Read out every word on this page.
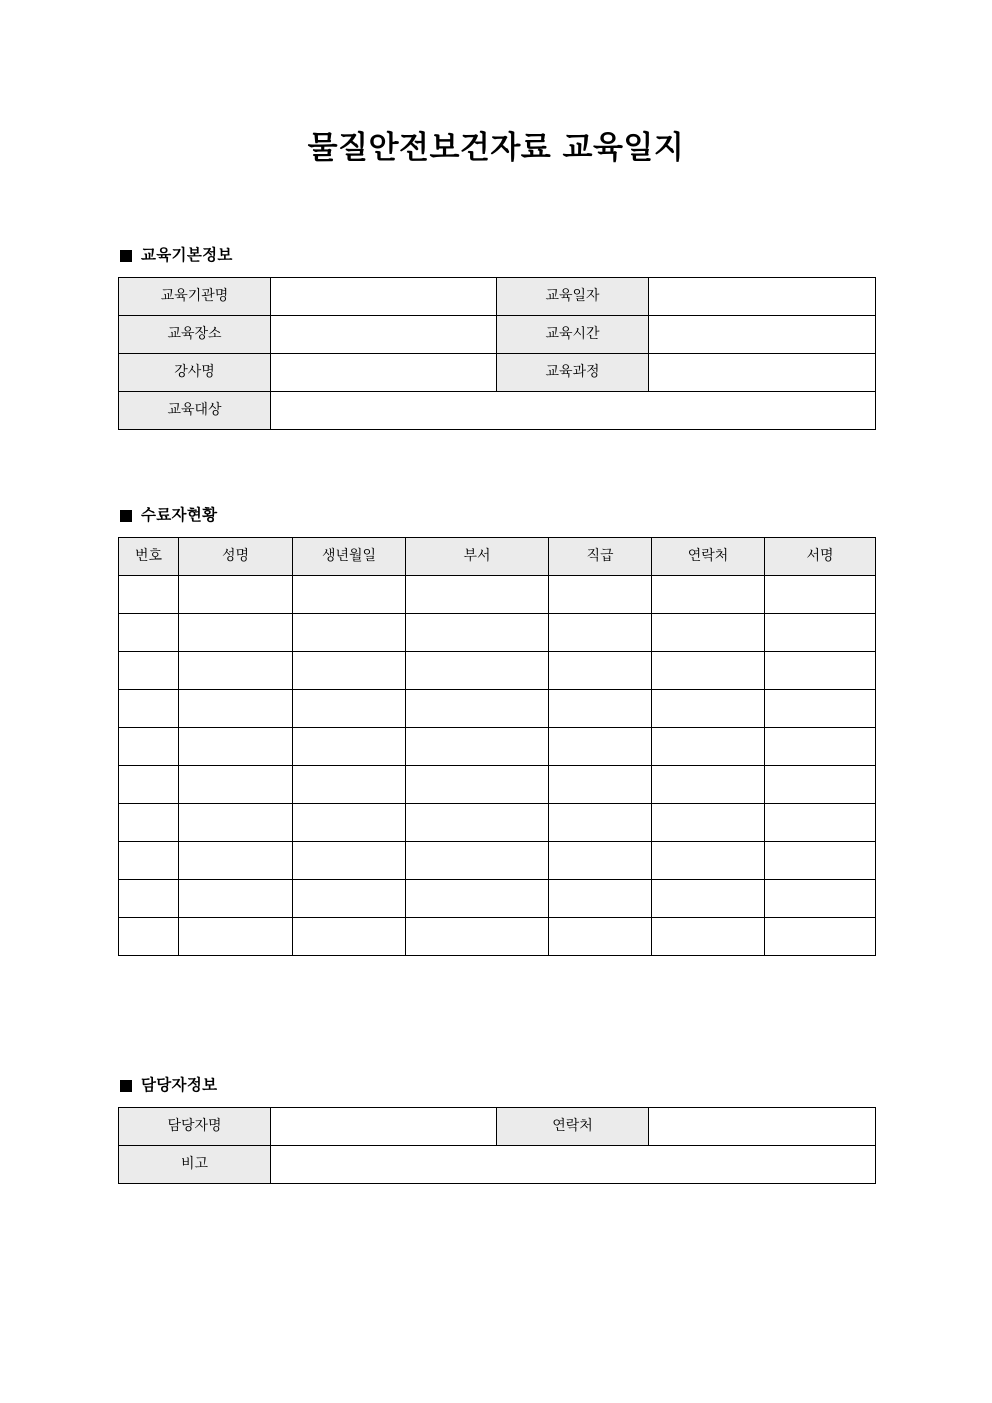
물질안전보건자료 교육일지
교육기본정보
교육기관명		교육일자	
교육장소		교육시간	
강사명		교육과정	
교육대상			
수료자현황
번호	성명	생년월일	부서	직급	연락처	서명

담당자정보
담당자명		연락처	
비고			
